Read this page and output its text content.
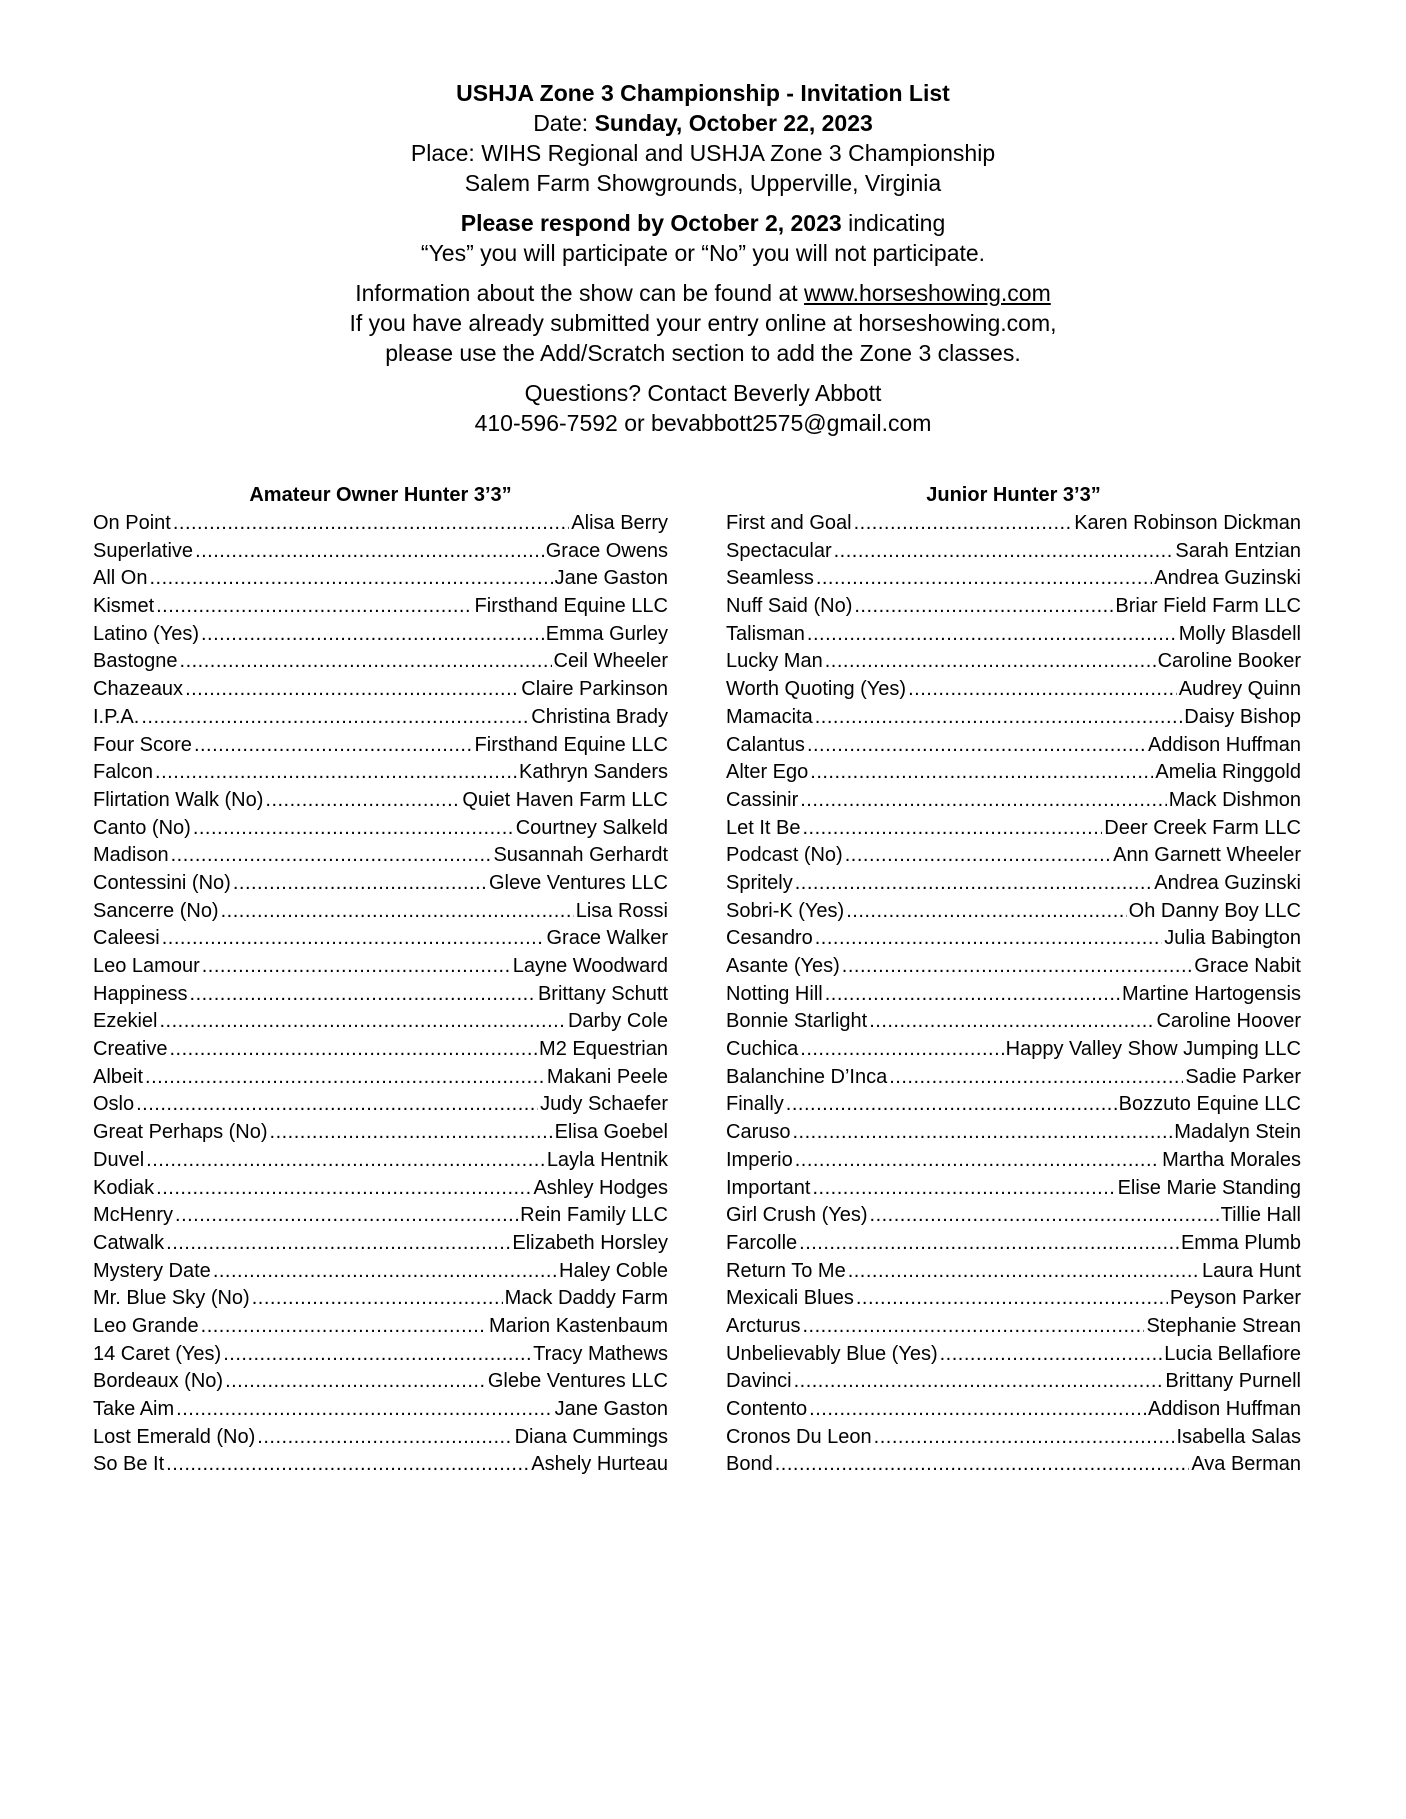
USHJA Zone 3 Championship - Invitation List

Date: Sunday, October 22, 2023

Place: WIHS Regional and USHJA Zone 3 Championship

Salem Farm Showgrounds, Upperville, Virginia

Please respond by October 2, 2023 indicating

“Yes” you will participate or “No” you will not participate.

Information about the show can be found at www.horseshowing.com

If you have already submitted your entry online at horseshowing.com,

please use the Add/Scratch section to add the Zone 3 classes.

Questions? Contact Beverly Abbott

410-596-7592 or bevabbott2575@gmail.com

Amateur Owner Hunter 3’3”
On Point .....	Alisa Berry
Superlative .....	Grace Owens
All On .....	Jane Gaston
Kismet .....	Firsthand Equine LLC
Latino (Yes) .....	Emma Gurley
Bastogne .....	Ceil Wheeler
Chazeaux .....	Claire Parkinson
I.P.A. .....	Christina Brady
Four Score .....	Firsthand Equine LLC
Falcon .....	Kathryn Sanders
Flirtation Walk (No) .....	Quiet Haven Farm LLC
Canto (No) .....	Courtney Salkeld
Madison .....	Susannah Gerhardt
Contessini (No) .....	Gleve Ventures LLC
Sancerre (No) .....	Lisa Rossi
Caleesi .....	Grace Walker
Leo Lamour .....	Layne Woodward
Happiness .....	Brittany Schutt
Ezekiel .....	Darby Cole
Creative .....	M2 Equestrian
Albeit .....	Makani Peele
Oslo .....	Judy Schaefer
Great Perhaps (No) .....	Elisa Goebel
Duvel .....	Layla Hentnik
Kodiak .....	Ashley Hodges
McHenry .....	Rein Family LLC
Catwalk .....	Elizabeth Horsley
Mystery Date .....	Haley Coble
Mr. Blue Sky (No) .....	Mack Daddy Farm
Leo Grande .....	Marion Kastenbaum
14 Caret (Yes) .....	Tracy Mathews
Bordeaux (No) .....	Glebe Ventures LLC
Take Aim .....	Jane Gaston
Lost Emerald (No) .....	Diana Cummings
So Be It .....	Ashely Hurteau
Junior Hunter 3’3”
First and Goal .....	Karen Robinson Dickman
Spectacular .....	Sarah Entzian
Seamless .....	Andrea Guzinski
Nuff Said (No) .....	Briar Field Farm LLC
Talisman .....	Molly Blasdell
Lucky Man .....	Caroline Booker
Worth Quoting (Yes) .....	Audrey Quinn
Mamacita .....	Daisy Bishop
Calantus .....	Addison Huffman
Alter Ego .....	Amelia Ringgold
Cassinir .....	Mack Dishmon
Let It Be .....	Deer Creek Farm LLC
Podcast (No) .....	Ann Garnett Wheeler
Spritely .....	Andrea Guzinski
Sobri-K (Yes) .....	Oh Danny Boy LLC
Cesandro .....	Julia Babington
Asante (Yes) .....	Grace Nabit
Notting Hill .....	Martine Hartogensis
Bonnie Starlight .....	Caroline Hoover
Cuchica .....	Happy Valley Show Jumping LLC
Balanchine D’Inca .....	Sadie Parker
Finally .....	Bozzuto Equine LLC
Caruso .....	Madalyn Stein
Imperio .....	Martha Morales
Important .....	Elise Marie Standing
Girl Crush (Yes) .....	Tillie Hall
Farcolle .....	Emma Plumb
Return To Me .....	Laura Hunt
Mexicali Blues .....	Peyson Parker
Arcturus .....	Stephanie Strean
Unbelievably Blue (Yes) .....	Lucia Bellafiore
Davinci .....	Brittany Purnell
Contento .....	Addison Huffman
Cronos Du Leon .....	Isabella Salas
Bond .....	Ava Berman
